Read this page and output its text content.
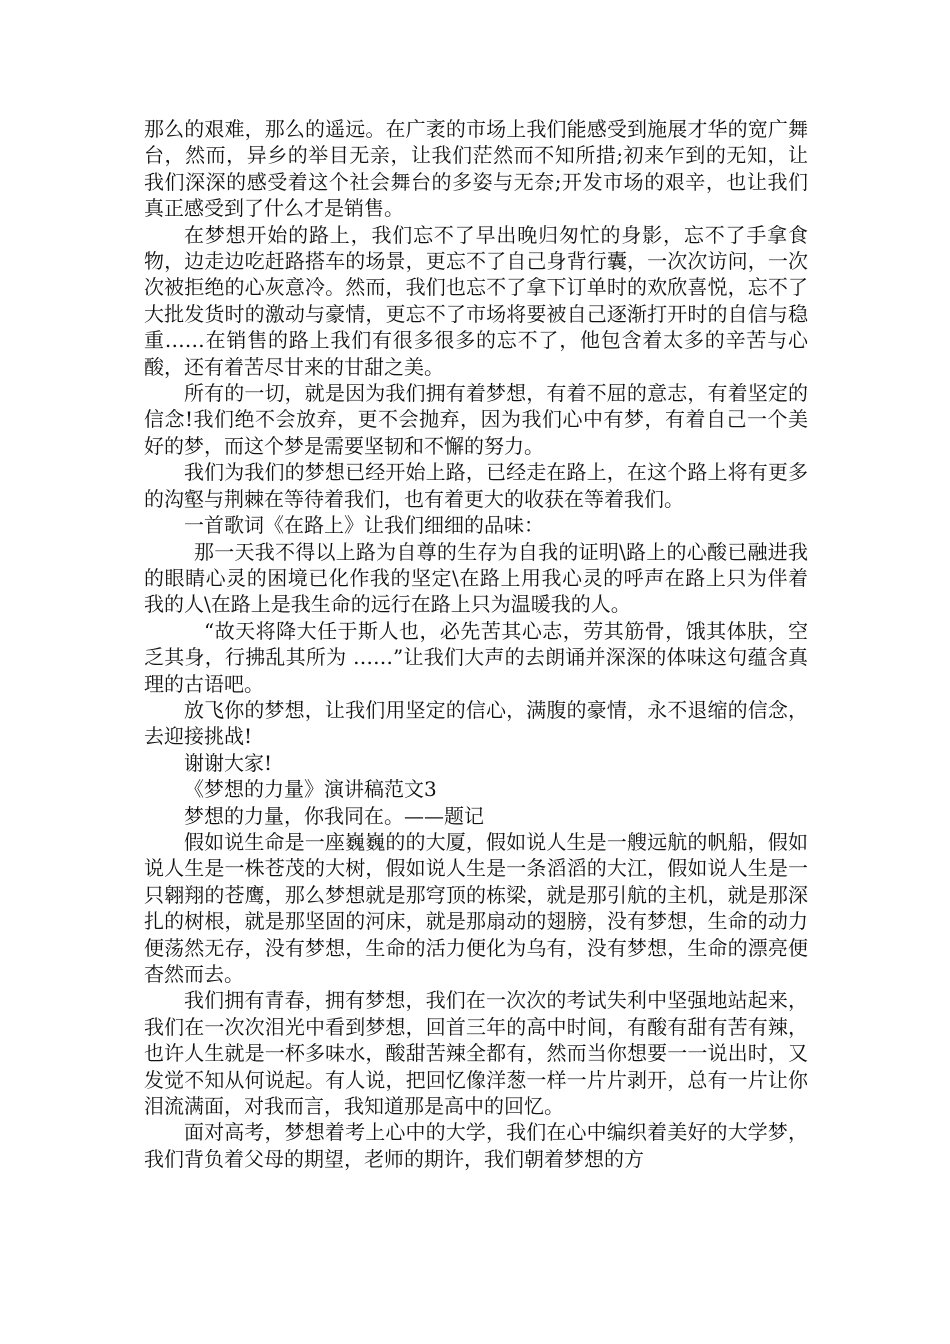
那么的艰难，那么的遥远。在广袤的市场上我们能感受到施展才华的宽广舞台，然而，异乡的举目无亲，让我们茫然而不知所措;初来乍到的无知，让我们深深的感受着这个社会舞台的多姿与无奈;开发市场的艰辛，也让我们真正感受到了什么才是销售。

在梦想开始的路上，我们忘不了早出晚归匆忙的身影，忘不了手拿食物，边走边吃赶路搭车的场景，更忘不了自己身背行囊，一次次访问，一次次被拒绝的心灰意冷。然而，我们也忘不了拿下订单时的欢欣喜悦，忘不了大批发货时的激动与豪情，更忘不了市场将要被自己逐渐打开时的自信与稳重……在销售的路上我们有很多很多的忘不了，他包含着太多的辛苦与心酸，还有着苦尽甘来的甘甜之美。

所有的一切，就是因为我们拥有着梦想，有着不屈的意志，有着坚定的信念!我们绝不会放弃，更不会抛弃，因为我们心中有梦，有着自己一个美好的梦，而这个梦是需要坚韧和不懈的努力。

我们为我们的梦想已经开始上路，已经走在路上，在这个路上将有更多的沟壑与荆棘在等待着我们，也有着更大的收获在等着我们。

一首歌词《在路上》让我们细细的品味：

那一天我不得以上路为自尊的生存为自我的证明\路上的心酸已融进我的眼睛心灵的困境已化作我的坚定\在路上用我心灵的呼声在路上只为伴着我的人\在路上是我生命的远行在路上只为温暖我的人。

“故天将降大任于斯人也，必先苦其心志，劳其筋骨，饿其体肤，空乏其身，行拂乱其所为 ……”让我们大声的去朗诵并深深的体味这句蕴含真理的古语吧。

放飞你的梦想，让我们用坚定的信心，满腹的豪情，永不退缩的信念，去迎接挑战!

谢谢大家!

《梦想的力量》演讲稿范文3

梦想的力量，你我同在。——题记

假如说生命是一座巍巍的的大厦，假如说人生是一艘远航的帆船，假如说人生是一株苍茂的大树，假如说人生是一条滔滔的大江，假如说人生是一只翱翔的苍鹰，那么梦想就是那穹顶的栋梁，就是那引航的主机，就是那深扎的树根，就是那坚固的河床，就是那扇动的翅膀，没有梦想，生命的动力便荡然无存，没有梦想，生命的活力便化为乌有，没有梦想，生命的漂亮便杳然而去。

我们拥有青春，拥有梦想，我们在一次次的考试失利中坚强地站起来，我们在一次次泪光中看到梦想，回首三年的高中时间，有酸有甜有苦有辣，也许人生就是一杯多味水，酸甜苦辣全都有，然而当你想要一一说出时，又发觉不知从何说起。有人说，把回忆像洋葱一样一片片剥开，总有一片让你泪流满面，对我而言，我知道那是高中的回忆。

面对高考，梦想着考上心中的大学，我们在心中编织着美好的大学梦，我们背负着父母的期望，老师的期许，我们朝着梦想的方
